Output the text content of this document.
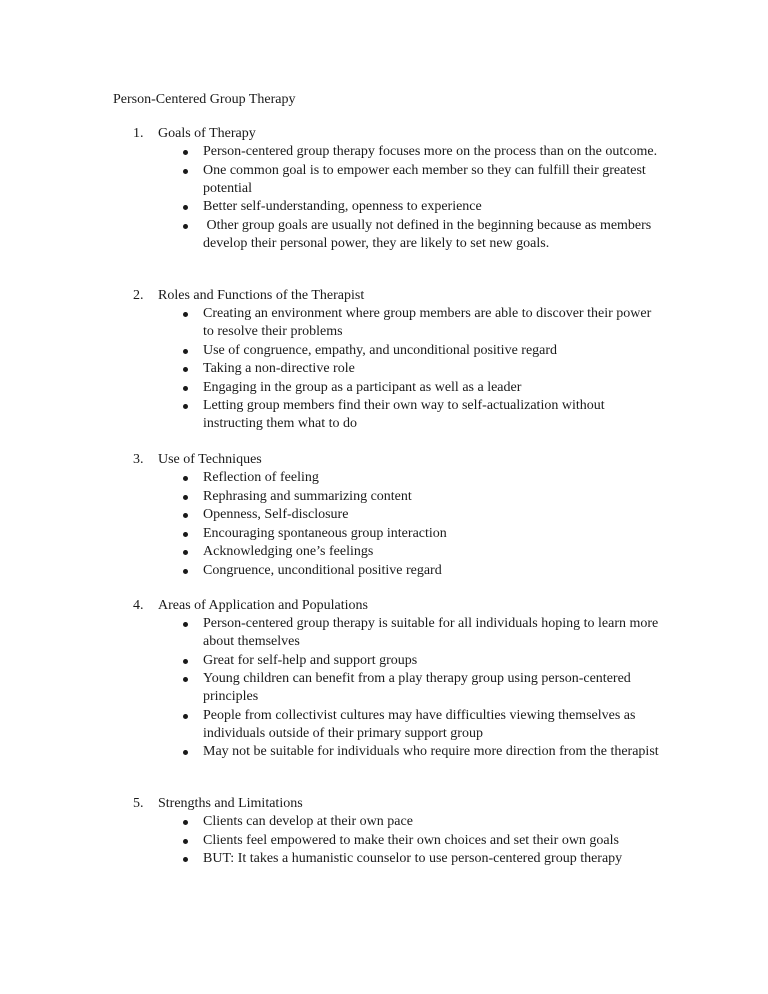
Person-Centered Group Therapy
1. Goals of Therapy
Person-centered group therapy focuses more on the process than on the outcome.
One common goal is to empower each member so they can fulfill their greatest potential
Better self-understanding, openness to experience
Other group goals are usually not defined in the beginning because as members develop their personal power, they are likely to set new goals.
2. Roles and Functions of the Therapist
Creating an environment where group members are able to discover their power to resolve their problems
Use of congruence, empathy, and unconditional positive regard
Taking a non-directive role
Engaging in the group as a participant as well as a leader
Letting group members find their own way to self-actualization without instructing them what to do
3. Use of Techniques
Reflection of feeling
Rephrasing and summarizing content
Openness, Self-disclosure
Encouraging spontaneous group interaction
Acknowledging one’s feelings
Congruence, unconditional positive regard
4. Areas of Application and Populations
Person-centered group therapy is suitable for all individuals hoping to learn more about themselves
Great for self-help and support groups
Young children can benefit from a play therapy group using person-centered principles
People from collectivist cultures may have difficulties viewing themselves as individuals outside of their primary support group
May not be suitable for individuals who require more direction from the therapist
5. Strengths and Limitations
Clients can develop at their own pace
Clients feel empowered to make their own choices and set their own goals
BUT: It takes a humanistic counselor to use person-centered group therapy
